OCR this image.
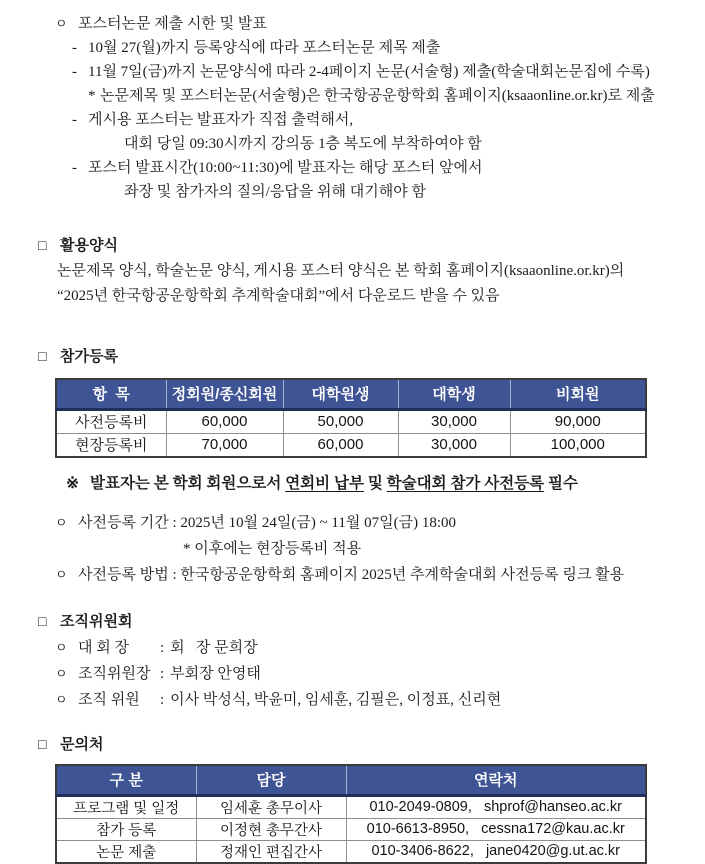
ㅇ 포스터논문 제출 시한 및 발표
- 10월 27(월)까지 등록양식에 따라 포스터논문 제목 제출
- 11월 7일(금)까지 논문양식에 따라 2-4페이지 논문(서술형) 제출(학술대회논문집에 수록)
* 논문제목 및 포스터논문(서술형)은 한국항공운항학회 홈페이지(ksaaonline.or.kr)로 제출
- 게시용 포스터는 발표자가 직접 출력해서,
대회 당일 09:30시까지 강의동 1층 복도에 부착하여야 함
- 포스터 발표시간(10:00~11:30)에 발표자는 해당 포스터 앞에서
좌장 및 참가자의 질의/응답을 위해 대기해야 함
□ 활용양식
논문제목 양식, 학술논문 양식, 게시용 포스터 양식은 본 학회 홈페이지(ksaaonline.or.kr)의
“2025년 한국항공운항학회 추계학술대회”에서 다운로드 받을 수 있음
□ 참가등록
항  목	정회원/종신회원	대학원생	대학생	비회원
사전등록비	60,000	50,000	30,000	90,000
현장등록비	70,000	60,000	30,000	100,000
※ 발표자는 본 학회 회원으로서 연회비 납부 및 학술대회 참가 사전등록 필수
ㅇ 사전등록 기간 : 2025년 10월 24일(금) ~ 11월 07일(금) 18:00
* 이후에는 현장등록비 적용
ㅇ 사전등록 방법 : 한국항공운항학회 홈페이지 2025년 추계학술대회 사전등록 링크 활용
□ 조직위원회
ㅇ 대 회 장 : 회   장 문희장
ㅇ 조직위원장 : 부회장 안영태
ㅇ 조직 위원 : 이사 박성식, 박윤미, 임세훈, 김필은, 이정표, 신리현
□ 문의처
구 분	담당	연락처
프로그램 및 일정	임세훈 총무이사	010-2049-0809,   shprof@hanseo.ac.kr
참가 등록	이정현 총무간사	010-6613-8950,   cessna172@kau.ac.kr
논문 제출	정재인 편집간사	010-3406-8622,   jane0420@g.ut.ac.kr
